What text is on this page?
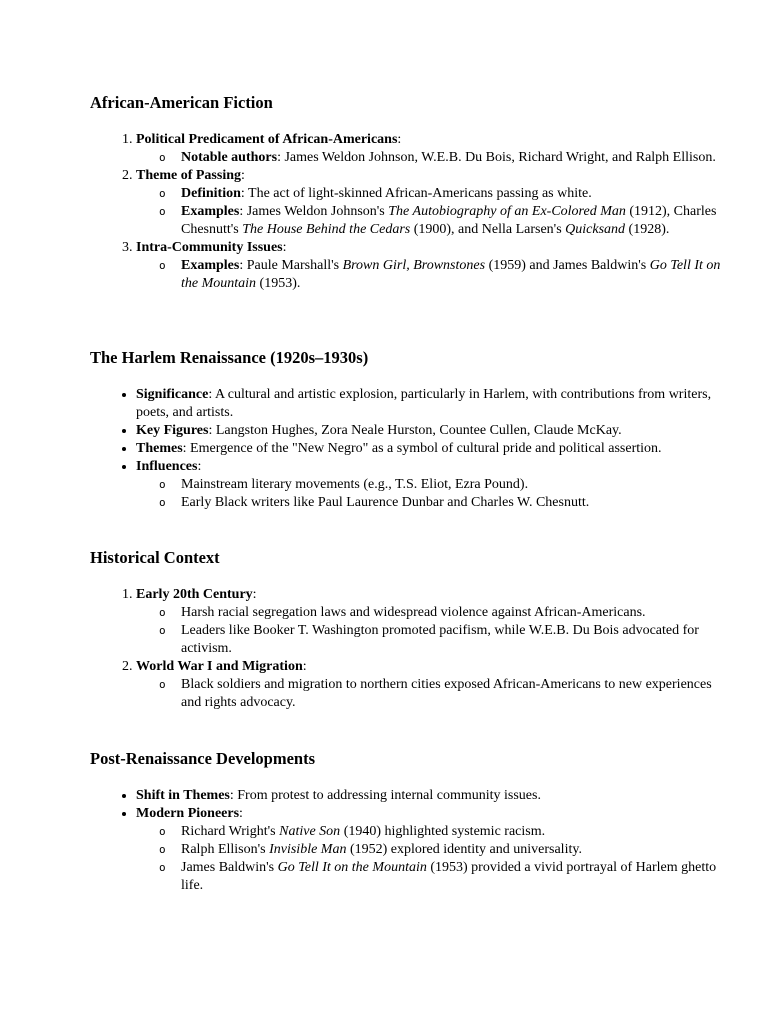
African-American Fiction
1. Political Predicament of African-Americans:
o Notable authors: James Weldon Johnson, W.E.B. Du Bois, Richard Wright, and Ralph Ellison.
2. Theme of Passing:
o Definition: The act of light-skinned African-Americans passing as white.
o Examples: James Weldon Johnson's The Autobiography of an Ex-Colored Man (1912), Charles Chesnutt's The House Behind the Cedars (1900), and Nella Larsen's Quicksand (1928).
3. Intra-Community Issues:
o Examples: Paule Marshall's Brown Girl, Brownstones (1959) and James Baldwin's Go Tell It on the Mountain (1953).
The Harlem Renaissance (1920s–1930s)
• Significance: A cultural and artistic explosion, particularly in Harlem, with contributions from writers, poets, and artists.
• Key Figures: Langston Hughes, Zora Neale Hurston, Countee Cullen, Claude McKay.
• Themes: Emergence of the "New Negro" as a symbol of cultural pride and political assertion.
• Influences:
o Mainstream literary movements (e.g., T.S. Eliot, Ezra Pound).
o Early Black writers like Paul Laurence Dunbar and Charles W. Chesnutt.
Historical Context
1. Early 20th Century:
o Harsh racial segregation laws and widespread violence against African-Americans.
o Leaders like Booker T. Washington promoted pacifism, while W.E.B. Du Bois advocated for activism.
2. World War I and Migration:
o Black soldiers and migration to northern cities exposed African-Americans to new experiences and rights advocacy.
Post-Renaissance Developments
• Shift in Themes: From protest to addressing internal community issues.
• Modern Pioneers:
o Richard Wright's Native Son (1940) highlighted systemic racism.
o Ralph Ellison's Invisible Man (1952) explored identity and universality.
o James Baldwin's Go Tell It on the Mountain (1953) provided a vivid portrayal of Harlem ghetto life.
